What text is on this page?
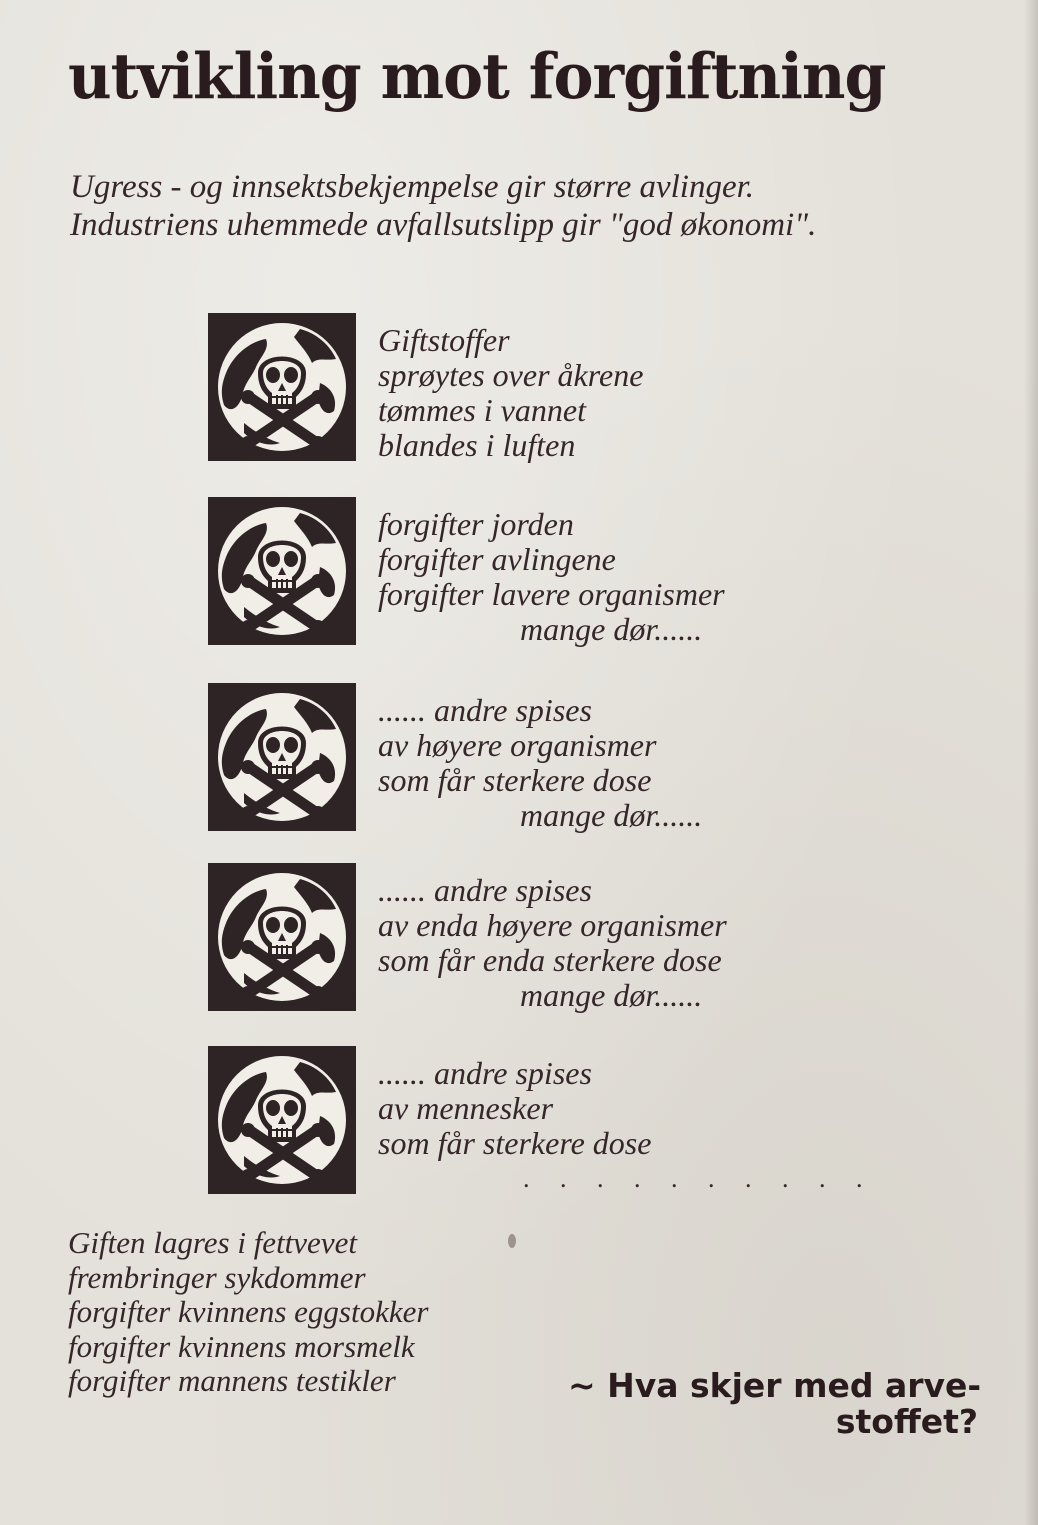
utvikling mot forgiftning
Ugress - og innsektsbekjempelse gir større avlinger.
Industriens uhemmede avfallsutslipp gir "god økonomi".
Giftstoffer
sprøytes over åkrene
tømmes i vannet
blandes i luften
forgifter jorden
forgifter avlingene
forgifter lavere organismer
mange dør......
...... andre spises
av høyere organismer
som får sterkere dose
mange dør......
...... andre spises
av enda høyere organismer
som får enda sterkere dose
mange dør......
...... andre spises
av mennesker
som får sterkere dose
. . . . . . . . . .
Giften lagres i fettvevet
frembringer sykdommer
forgifter kvinnens eggstokker
forgifter kvinnens morsmelk
forgifter mannens testikler	~ Hva skjer med arve-
stoffet?
